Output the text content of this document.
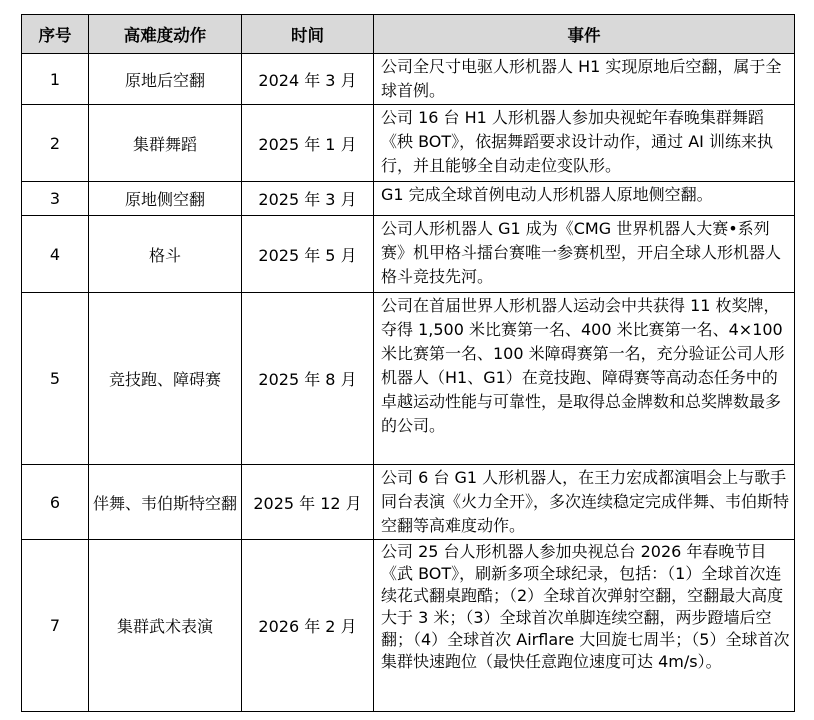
序号	高难度动作	时间	事件
1	原地后空翻	2024 年 3 月	公司全尺寸电驱人形机器人 H1 实现原地后空翻，属于全球首例。
2	集群舞蹈	2025 年 1 月	公司 16 台 H1 人形机器人参加央视蛇年春晚集群舞蹈《秧 BOT》，依据舞蹈要求设计动作，通过 AI 训练来执行，并且能够全自动走位变队形。
3	原地侧空翻	2025 年 3 月	G1 完成全球首例电动人形机器人原地侧空翻。
4	格斗	2025 年 5 月	公司人形机器人 G1 成为《CMG 世界机器人大赛•系列赛》机甲格斗擂台赛唯一参赛机型，开启全球人形机器人格斗竞技先河。
5	竞技跑、障碍赛	2025 年 8 月	公司在首届世界人形机器人运动会中共获得 11 枚奖牌，夺得 1,500 米比赛第一名、400 米比赛第一名、4×100 米比赛第一名、100 米障碍赛第一名，充分验证公司人形机器人（H1、G1）在竞技跑、障碍赛等高动态任务中的卓越运动性能与可靠性，是取得总金牌数和总奖牌数最多的公司。
6	伴舞、韦伯斯特空翻	2025 年 12 月	公司 6 台 G1 人形机器人，在王力宏成都演唱会上与歌手同台表演《火力全开》，多次连续稳定完成伴舞、韦伯斯特空翻等高难度动作。
7	集群武术表演	2026 年 2 月	公司 25 台人形机器人参加央视总台 2026 年春晚节目《武 BOT》，刷新多项全球纪录，包括：（1）全球首次连续花式翻桌跑酷；（2）全球首次弹射空翻，空翻最大高度大于 3 米；（3）全球首次单脚连续空翻，两步蹬墙后空翻；（4）全球首次 Airflare 大回旋七周半；（5）全球首次集群快速跑位（最快任意跑位速度可达 4m/s）。
